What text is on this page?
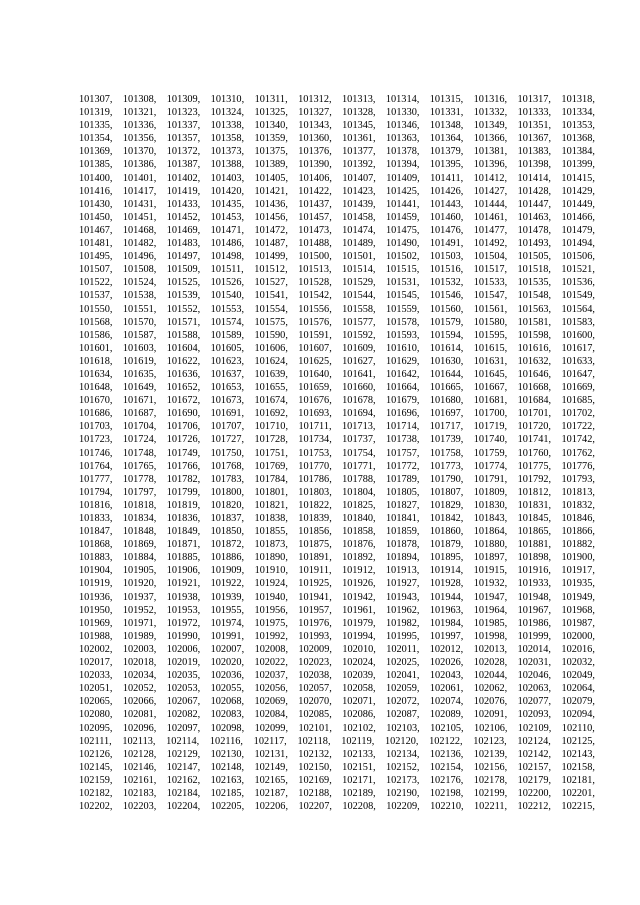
101307, 101308, 101309, 101310, 101311, 101312, 101313, 101314, 101315, 101316, 101317, 101318,
101319, 101321, 101323, 101324, 101325, 101327, 101328, 101330, 101331, 101332, 101333, 101334,
101335, 101336, 101337, 101338, 101340, 101343, 101345, 101346, 101348, 101349, 101351, 101353,
101354, 101356, 101357, 101358, 101359, 101360, 101361, 101363, 101364, 101366, 101367, 101368,
101369, 101370, 101372, 101373, 101375, 101376, 101377, 101378, 101379, 101381, 101383, 101384,
101385, 101386, 101387, 101388, 101389, 101390, 101392, 101394, 101395, 101396, 101398, 101399,
101400, 101401, 101402, 101403, 101405, 101406, 101407, 101409, 101411, 101412, 101414, 101415,
101416, 101417, 101419, 101420, 101421, 101422, 101423, 101425, 101426, 101427, 101428, 101429,
101430, 101431, 101433, 101435, 101436, 101437, 101439, 101441, 101443, 101444, 101447, 101449,
101450, 101451, 101452, 101453, 101456, 101457, 101458, 101459, 101460, 101461, 101463, 101466,
101467, 101468, 101469, 101471, 101472, 101473, 101474, 101475, 101476, 101477, 101478, 101479,
101481, 101482, 101483, 101486, 101487, 101488, 101489, 101490, 101491, 101492, 101493, 101494,
101495, 101496, 101497, 101498, 101499, 101500, 101501, 101502, 101503, 101504, 101505, 101506,
101507, 101508, 101509, 101511, 101512, 101513, 101514, 101515, 101516, 101517, 101518, 101521,
101522, 101524, 101525, 101526, 101527, 101528, 101529, 101531, 101532, 101533, 101535, 101536,
101537, 101538, 101539, 101540, 101541, 101542, 101544, 101545, 101546, 101547, 101548, 101549,
101550, 101551, 101552, 101553, 101554, 101556, 101558, 101559, 101560, 101561, 101563, 101564,
101568, 101570, 101571, 101574, 101575, 101576, 101577, 101578, 101579, 101580, 101581, 101583,
101586, 101587, 101588, 101589, 101590, 101591, 101592, 101593, 101594, 101595, 101598, 101600,
101601, 101603, 101604, 101605, 101606, 101607, 101609, 101610, 101614, 101615, 101616, 101617,
101618, 101619, 101622, 101623, 101624, 101625, 101627, 101629, 101630, 101631, 101632, 101633,
101634, 101635, 101636, 101637, 101639, 101640, 101641, 101642, 101644, 101645, 101646, 101647,
101648, 101649, 101652, 101653, 101655, 101659, 101660, 101664, 101665, 101667, 101668, 101669,
101670, 101671, 101672, 101673, 101674, 101676, 101678, 101679, 101680, 101681, 101684, 101685,
101686, 101687, 101690, 101691, 101692, 101693, 101694, 101696, 101697, 101700, 101701, 101702,
101703, 101704, 101706, 101707, 101710, 101711, 101713, 101714, 101717, 101719, 101720, 101722,
101723, 101724, 101726, 101727, 101728, 101734, 101737, 101738, 101739, 101740, 101741, 101742,
101746, 101748, 101749, 101750, 101751, 101753, 101754, 101757, 101758, 101759, 101760, 101762,
101764, 101765, 101766, 101768, 101769, 101770, 101771, 101772, 101773, 101774, 101775, 101776,
101777, 101778, 101782, 101783, 101784, 101786, 101788, 101789, 101790, 101791, 101792, 101793,
101794, 101797, 101799, 101800, 101801, 101803, 101804, 101805, 101807, 101809, 101812, 101813,
101816, 101818, 101819, 101820, 101821, 101822, 101825, 101827, 101829, 101830, 101831, 101832,
101833, 101834, 101836, 101837, 101838, 101839, 101840, 101841, 101842, 101843, 101845, 101846,
101847, 101848, 101849, 101850, 101855, 101856, 101858, 101859, 101860, 101864, 101865, 101866,
101868, 101869, 101871, 101872, 101873, 101875, 101876, 101878, 101879, 101880, 101881, 101882,
101883, 101884, 101885, 101886, 101890, 101891, 101892, 101894, 101895, 101897, 101898, 101900,
101904, 101905, 101906, 101909, 101910, 101911, 101912, 101913, 101914, 101915, 101916, 101917,
101919, 101920, 101921, 101922, 101924, 101925, 101926, 101927, 101928, 101932, 101933, 101935,
101936, 101937, 101938, 101939, 101940, 101941, 101942, 101943, 101944, 101947, 101948, 101949,
101950, 101952, 101953, 101955, 101956, 101957, 101961, 101962, 101963, 101964, 101967, 101968,
101969, 101971, 101972, 101974, 101975, 101976, 101979, 101982, 101984, 101985, 101986, 101987,
101988, 101989, 101990, 101991, 101992, 101993, 101994, 101995, 101997, 101998, 101999, 102000,
102002, 102003, 102006, 102007, 102008, 102009, 102010, 102011, 102012, 102013, 102014, 102016,
102017, 102018, 102019, 102020, 102022, 102023, 102024, 102025, 102026, 102028, 102031, 102032,
102033, 102034, 102035, 102036, 102037, 102038, 102039, 102041, 102043, 102044, 102046, 102049,
102051, 102052, 102053, 102055, 102056, 102057, 102058, 102059, 102061, 102062, 102063, 102064,
102065, 102066, 102067, 102068, 102069, 102070, 102071, 102072, 102074, 102076, 102077, 102079,
102080, 102081, 102082, 102083, 102084, 102085, 102086, 102087, 102089, 102091, 102093, 102094,
102095, 102096, 102097, 102098, 102099, 102101, 102102, 102103, 102105, 102106, 102109, 102110,
102111, 102113, 102114, 102116, 102117, 102118, 102119, 102120, 102122, 102123, 102124, 102125,
102126, 102128, 102129, 102130, 102131, 102132, 102133, 102134, 102136, 102139, 102142, 102143,
102145, 102146, 102147, 102148, 102149, 102150, 102151, 102152, 102154, 102156, 102157, 102158,
102159, 102161, 102162, 102163, 102165, 102169, 102171, 102173, 102176, 102178, 102179, 102181,
102182, 102183, 102184, 102185, 102187, 102188, 102189, 102190, 102198, 102199, 102200, 102201,
102202, 102203, 102204, 102205, 102206, 102207, 102208, 102209, 102210, 102211, 102212, 102215,
